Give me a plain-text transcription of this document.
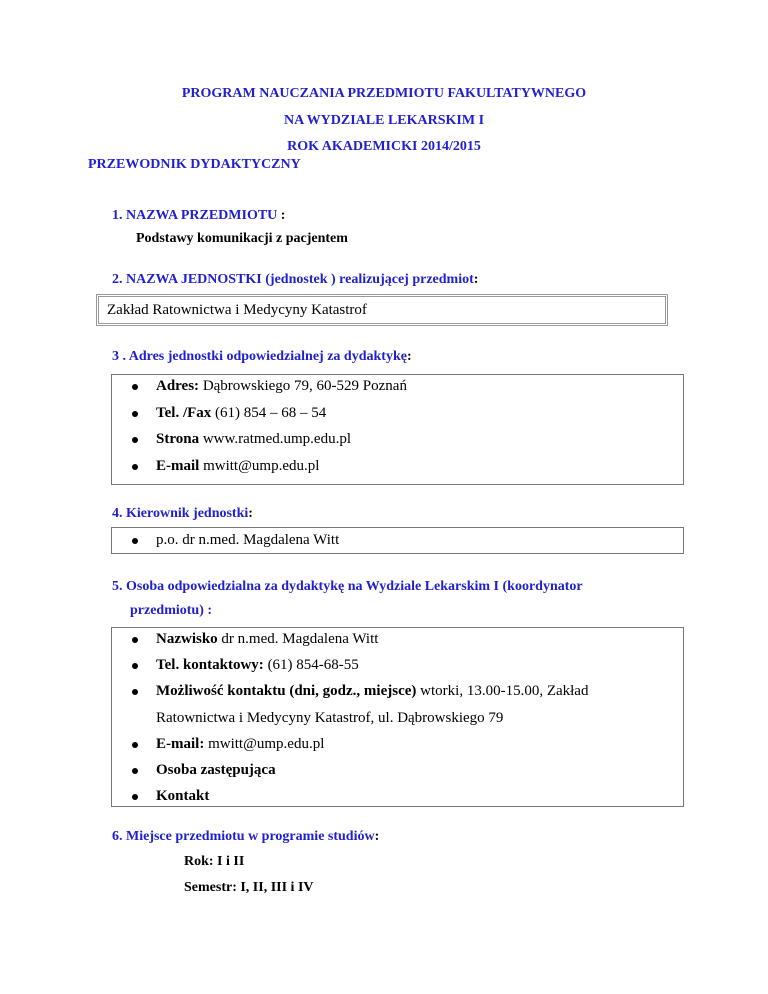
PROGRAM NAUCZANIA PRZEDMIOTU FAKULTATYWNEGO
NA WYDZIALE LEKARSKIM I
ROK AKADEMICKI 2014/2015
PRZEWODNIK DYDAKTYCZNY
1. NAZWA PRZEDMIOTU :
Podstawy komunikacji z pacjentem
2. NAZWA JEDNOSTKI (jednostek ) realizującej przedmiot:
Zakład Ratownictwa i Medycyny Katastrof
3 . Adres jednostki odpowiedzialnej za dydaktykę:
Adres: Dąbrowskiego 79, 60-529 Poznań
Tel. /Fax (61) 854 – 68 – 54
Strona www.ratmed.ump.edu.pl
E-mail mwitt@ump.edu.pl
4. Kierownik jednostki:
p.o. dr n.med. Magdalena Witt
5. Osoba odpowiedzialna za dydaktykę na Wydziale Lekarskim I (koordynator
przedmiotu) :
Nazwisko dr n.med. Magdalena Witt
Tel. kontaktowy: (61) 854-68-55
Możliwość kontaktu (dni, godz., miejsce) wtorki, 13.00-15.00, Zakład
Ratownictwa i Medycyny Katastrof, ul. Dąbrowskiego 79
E-mail: mwitt@ump.edu.pl
Osoba zastępująca
Kontakt
6. Miejsce przedmiotu w programie studiów:
Rok: I i II
Semestr: I, II, III i IV
